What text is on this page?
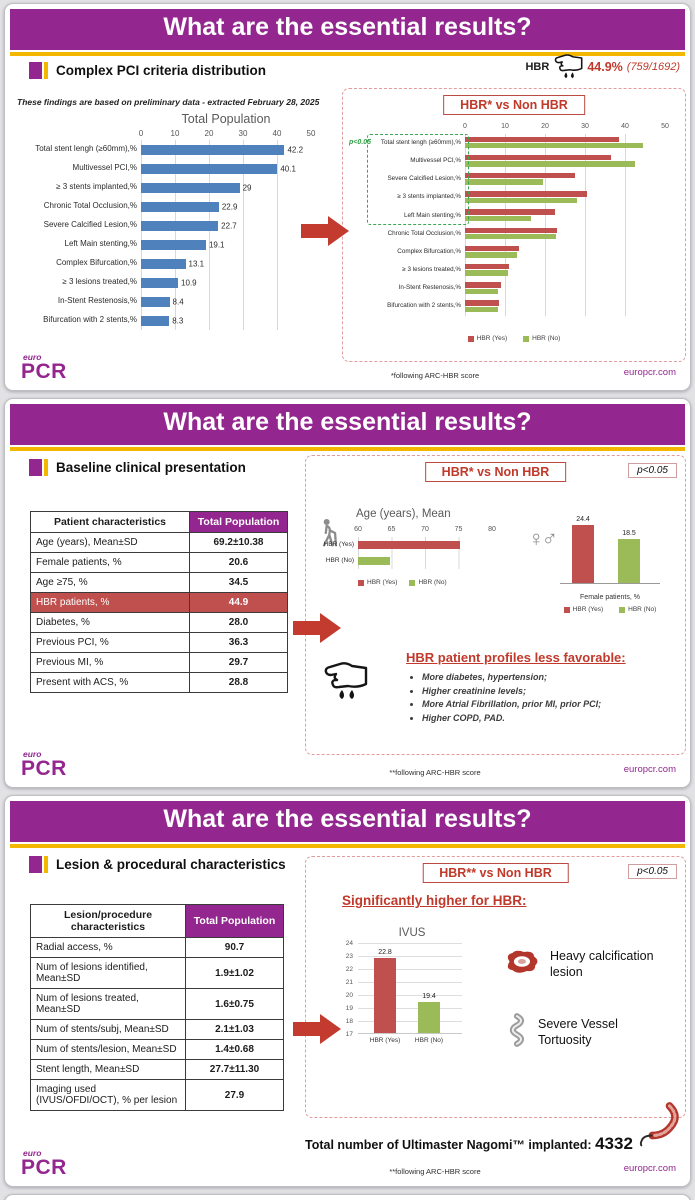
What are the essential results?
HBR	44.9% (759/1692)
Complex PCI criteria distribution
These findings are based on preliminary data - extracted February 28, 2025
Total Population
0	10	20	30	40	50
Total stent lengh (≥60mm),%	42.2
Multivessel PCI,%	40.1
≥ 3 stents implanted,%	29
Chronic Total Occlusion,%	22.9
Severe Calcified Lesion,%	22.7
Left Main stenting,%	19.1
Complex Bifurcation,%	13.1
≥ 3 lesions treated,%	10.9
In-Stent Restenosis,%	8.4
Bifurcation with 2 stents,%	8.3
HBR* vs Non HBR
p<0.05
0	10	20	30	40	50
Total stent lengh (≥60mm),%
Multivessel PCI,%
Severe Calcified Lesion,%
≥ 3 stents implanted,%
Left Main stenting,%
Chronic Total Occlusion,%
Complex Bifurcation,%
≥ 3 lesions treated,%
In-Stent Restenosis,%
Bifurcation with 2 stents,%
HBR (Yes)	HBR (No)
euro
PCR	*following ARC-HBR score	europcr.com
What are the essential results?
Baseline clinical presentation
Patient characteristics	Total Population
Age (years), Mean±SD	69.2±10.38
Female patients, %	20.6
Age ≥75, %	34.5
HBR patients, %	44.9
Diabetes, %	28.0
Previous PCI, %	36.3
Previous MI, %	29.7
Present with ACS, %	28.8
HBR* vs Non HBR	p<0.05
Age (years), Mean
60	65	70	75	80
HBR (Yes)
HBR (No)
HBR (Yes)	HBR (No)
♀♂
24.4
18.5
Female patients, %
HBR (Yes)	HBR (No)
HBR patient profiles less favorable:
• More diabetes, hypertension;
• Higher creatinine levels;
• More Atrial Fibrillation, prior MI, prior PCI;
• Higher COPD, PAD.
euro
PCR	**following ARC-HBR score	europcr.com
What are the essential results?
Lesion & procedural characteristics
Lesion/procedure characteristics	Total Population
Radial access, %	90.7
Num of lesions identified, Mean±SD	1.9±1.02
Num of lesions treated, Mean±SD	1.6±0.75
Num of stents/subj, Mean±SD	2.1±1.03
Num of stents/lesion, Mean±SD	1.4±0.68
Stent length, Mean±SD	27.7±11.30
Imaging used (IVUS/OFDI/OCT), % per lesion	27.9
HBR** vs Non HBR	p<0.05
Significantly higher for HBR:
IVUS
24
23
22
21
20
19
18
17
22.8
19.4
HBR (Yes) HBR (No)
Heavy calcification lesion
Severe Vessel Tortuosity
Total number of Ultimaster Nagomi™ implanted: 4332
euro
PCR	**following ARC-HBR score	europcr.com
